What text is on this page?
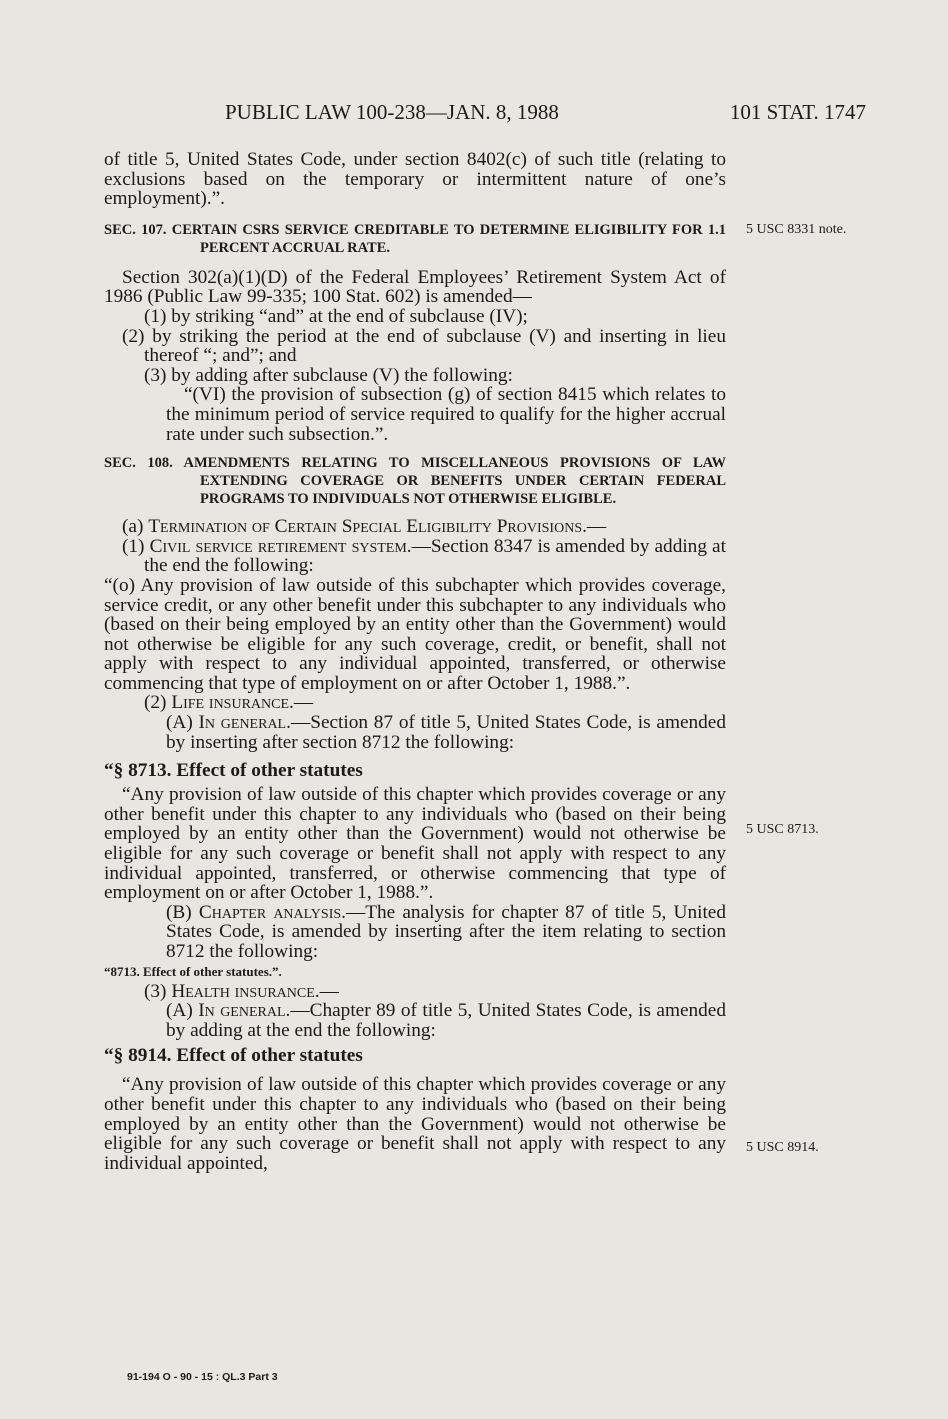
PUBLIC LAW 100-238—JAN. 8, 1988	101 STAT. 1747
5 USC 8331 note.
5 USC 8713.
5 USC 8914.

of title 5, United States Code, under section 8402(c) of such title (relating to exclusions based on the temporary or intermittent nature of one’s employment).”.

SEC. 107. CERTAIN CSRS SERVICE CREDITABLE TO DETERMINE ELIGIBILITY FOR 1.1 PERCENT ACCRUAL RATE.

Section 302(a)(1)(D) of the Federal Employees’ Retirement System Act of 1986 (Public Law 99-335; 100 Stat. 602) is amended—

(1) by striking “and” at the end of subclause (IV);

(2) by striking the period at the end of subclause (V) and inserting in lieu thereof “; and”; and

(3) by adding after subclause (V) the following:

“(VI) the provision of subsection (g) of section 8415 which relates to the minimum period of service required to qualify for the higher accrual rate under such subsection.”.

SEC. 108. AMENDMENTS RELATING TO MISCELLANEOUS PROVISIONS OF LAW EXTENDING COVERAGE OR BENEFITS UNDER CERTAIN FEDERAL PROGRAMS TO INDIVIDUALS NOT OTHERWISE ELIGIBLE.

(a) Termination of Certain Special Eligibility Provisions.—

(1) Civil service retirement system.—Section 8347 is amended by adding at the end the following:

“(o) Any provision of law outside of this subchapter which provides coverage, service credit, or any other benefit under this subchapter to any individuals who (based on their being employed by an entity other than the Government) would not otherwise be eligible for any such coverage, credit, or benefit, shall not apply with respect to any individual appointed, transferred, or otherwise commencing that type of employment on or after October 1, 1988.”.

(2) Life insurance.—

(A) In general.—Section 87 of title 5, United States Code, is amended by inserting after section 8712 the following:

“§ 8713. Effect of other statutes

“Any provision of law outside of this chapter which provides coverage or any other benefit under this chapter to any individuals who (based on their being employed by an entity other than the Government) would not otherwise be eligible for any such coverage or benefit shall not apply with respect to any individual appointed, transferred, or otherwise commencing that type of employment on or after October 1, 1988.”.

(B) Chapter analysis.—The analysis for chapter 87 of title 5, United States Code, is amended by inserting after the item relating to section 8712 the following:

“8713. Effect of other statutes.”.

(3) Health insurance.—

(A) In general.—Chapter 89 of title 5, United States Code, is amended by adding at the end the following:

“§ 8914. Effect of other statutes

“Any provision of law outside of this chapter which provides coverage or any other benefit under this chapter to any individuals who (based on their being employed by an entity other than the Government) would not otherwise be eligible for any such coverage or benefit shall not apply with respect to any individual appointed,

91-194 O - 90 - 15 : QL.3 Part 3
